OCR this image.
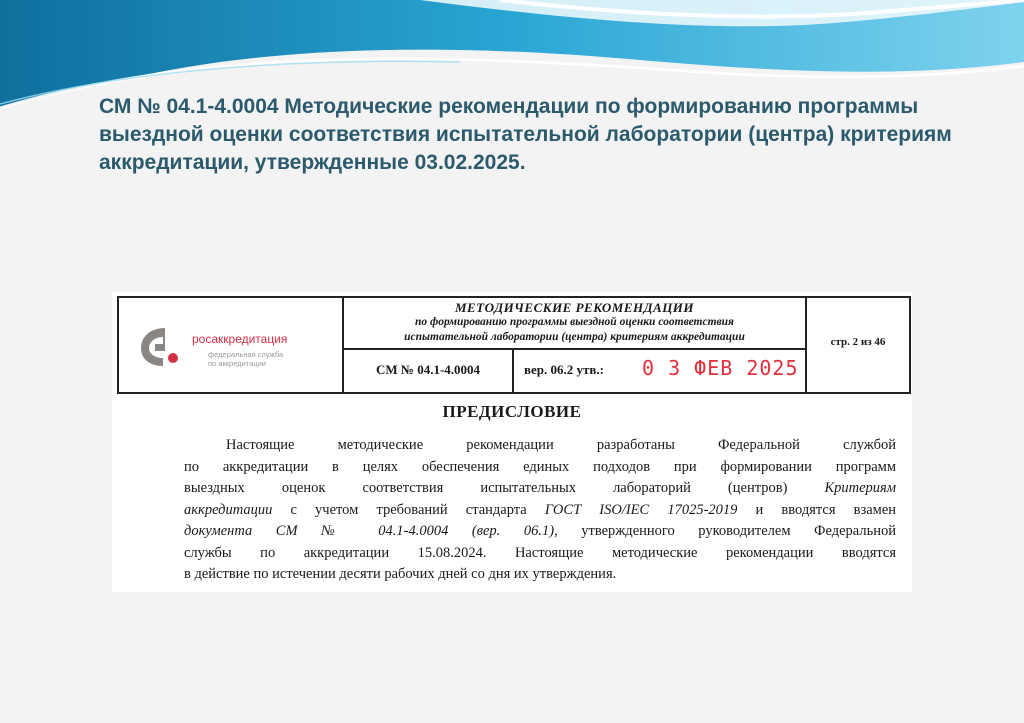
СМ № 04.1-4.0004 Методические рекомендации по формированию программы выездной оценки соответствия испытательной лаборатории (центра) критериям аккредитации, утвержденные 03.02.2025.
росаккредитация
федеральная служба
по аккредитации
МЕТОДИЧЕСКИЕ РЕКОМЕНДАЦИИ
по формированию программы выездной оценки соответствия
испытательной лаборатории (центра) критериям аккредитации
СМ № 04.1-4.0004	вер. 06.2 утв.: 0 3 ФЕВ 2025
стр. 2 из 46
ПРЕДИСЛОВИЕ
Настоящие методические рекомендации разработаны Федеральной службой
по аккредитации в целях обеспечения единых подходов при формировании программ
выездных оценок соответствия испытательных лабораторий (центров)	Критериям
аккредитации с учетом требований стандарта ГОСТ ISO/IEC 17025-2019 и вводятся взамен
документа СМ № 04.1-4.0004 (вер. 06.1), утвержденного руководителем Федеральной
службы по аккредитации 15.08.2024. Настоящие методические рекомендации вводятся
в действие по истечении десяти рабочих дней со дня их утверждения.
